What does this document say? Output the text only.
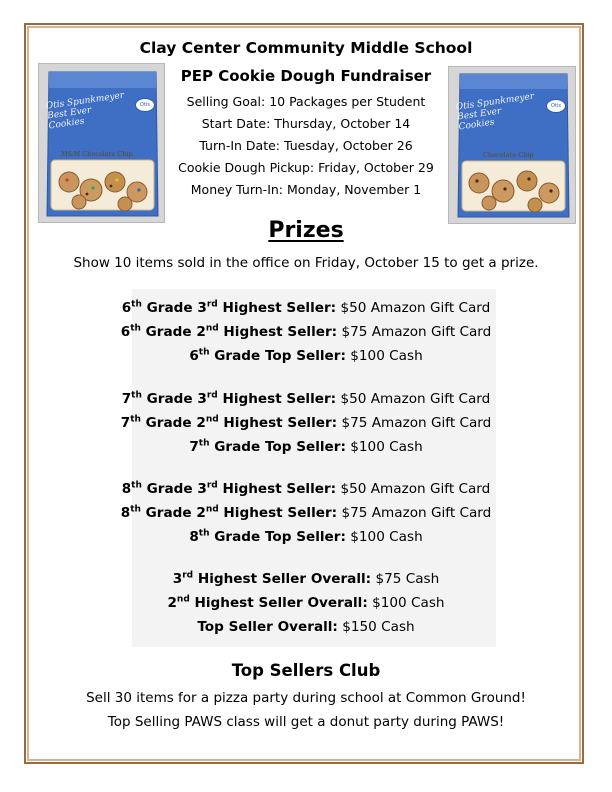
Otis Spunkmeyer Best Ever Cookies
Otis
M&M Chocolate Chip
Otis Spunkmeyer Best Ever Cookies
Otis
Chocolate Chip
Clay Center Community Middle School
PEP Cookie Dough Fundraiser
Selling Goal: 10 Packages per Student
Start Date: Thursday, October 14
Turn-In Date: Tuesday, October 26
Cookie Dough Pickup: Friday, October 29
Money Turn-In: Monday, November 1
Prizes
Show 10 items sold in the office on Friday, October 15 to get a prize.
6th Grade 3rd Highest Seller: $50 Amazon Gift Card
6th Grade 2nd Highest Seller: $75 Amazon Gift Card
6th Grade Top Seller: $100 Cash
7th Grade 3rd Highest Seller: $50 Amazon Gift Card
7th Grade 2nd Highest Seller: $75 Amazon Gift Card
7th Grade Top Seller: $100 Cash
8th Grade 3rd Highest Seller: $50 Amazon Gift Card
8th Grade 2nd Highest Seller: $75 Amazon Gift Card
8th Grade Top Seller: $100 Cash
3rd Highest Seller Overall: $75 Cash
2nd Highest Seller Overall: $100 Cash
Top Seller Overall: $150 Cash
Top Sellers Club
Sell 30 items for a pizza party during school at Common Ground!
Top Selling PAWS class will get a donut party during PAWS!
